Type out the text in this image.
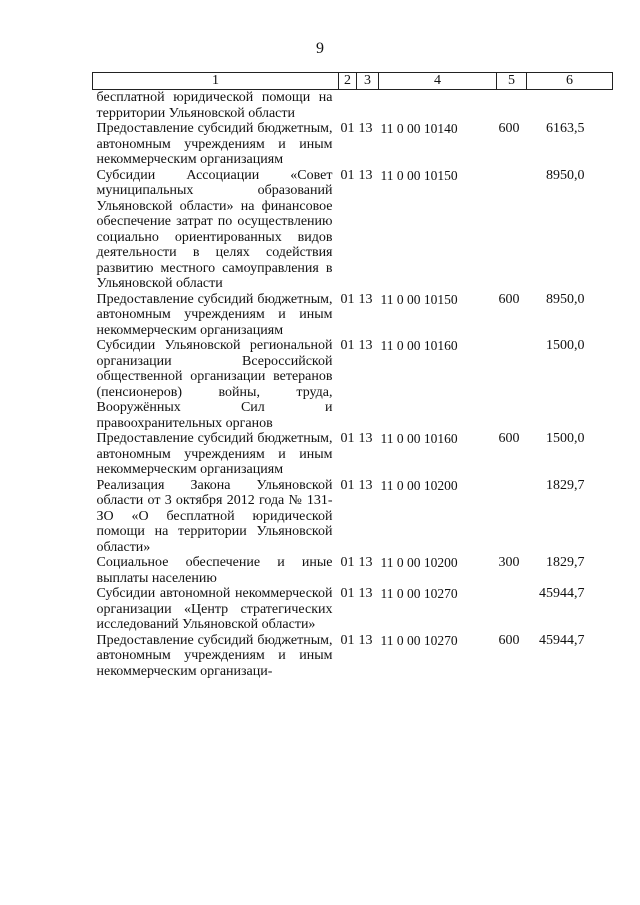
9
1	2	3	4	5	6
бесплатной юридической помощи на территории Ульяновской области					
Предоставление субсидий бюджетным, автономным учреждениям и иным некоммерческим организациям	01	13	11 0 00 10140	600	6163,5
Субсидии Ассоциации «Совет муниципальных образований Ульяновской области» на финансовое обеспечение затрат по осуществлению социально ориентированных видов деятельности в целях содействия развитию местного самоуправления в Ульяновской области	01	13	11 0 00 10150		8950,0
Предоставление субсидий бюджетным, автономным учреждениям и иным некоммерческим организациям	01	13	11 0 00 10150	600	8950,0
Субсидии Ульяновской региональной организации Всероссийской общественной организации ветеранов (пенсионеров) войны, труда, Вооружённых Сил и правоохранительных органов	01	13	11 0 00 10160		1500,0
Предоставление субсидий бюджетным, автономным учреждениям и иным некоммерческим организациям	01	13	11 0 00 10160	600	1500,0
Реализация Закона Ульяновской области от 3 октября 2012 года № 131-ЗО «О бесплатной юридической помощи на территории Ульяновской области»	01	13	11 0 00 10200		1829,7
Социальное обеспечение и иные выплаты населению	01	13	11 0 00 10200	300	1829,7
Субсидии автономной некоммерческой организации «Центр стратегических исследований Ульяновской области»	01	13	11 0 00 10270		45944,7
Предоставление субсидий бюджетным, автономным учреждениям и иным некоммерческим организаци-	01	13	11 0 00 10270	600	45944,7
